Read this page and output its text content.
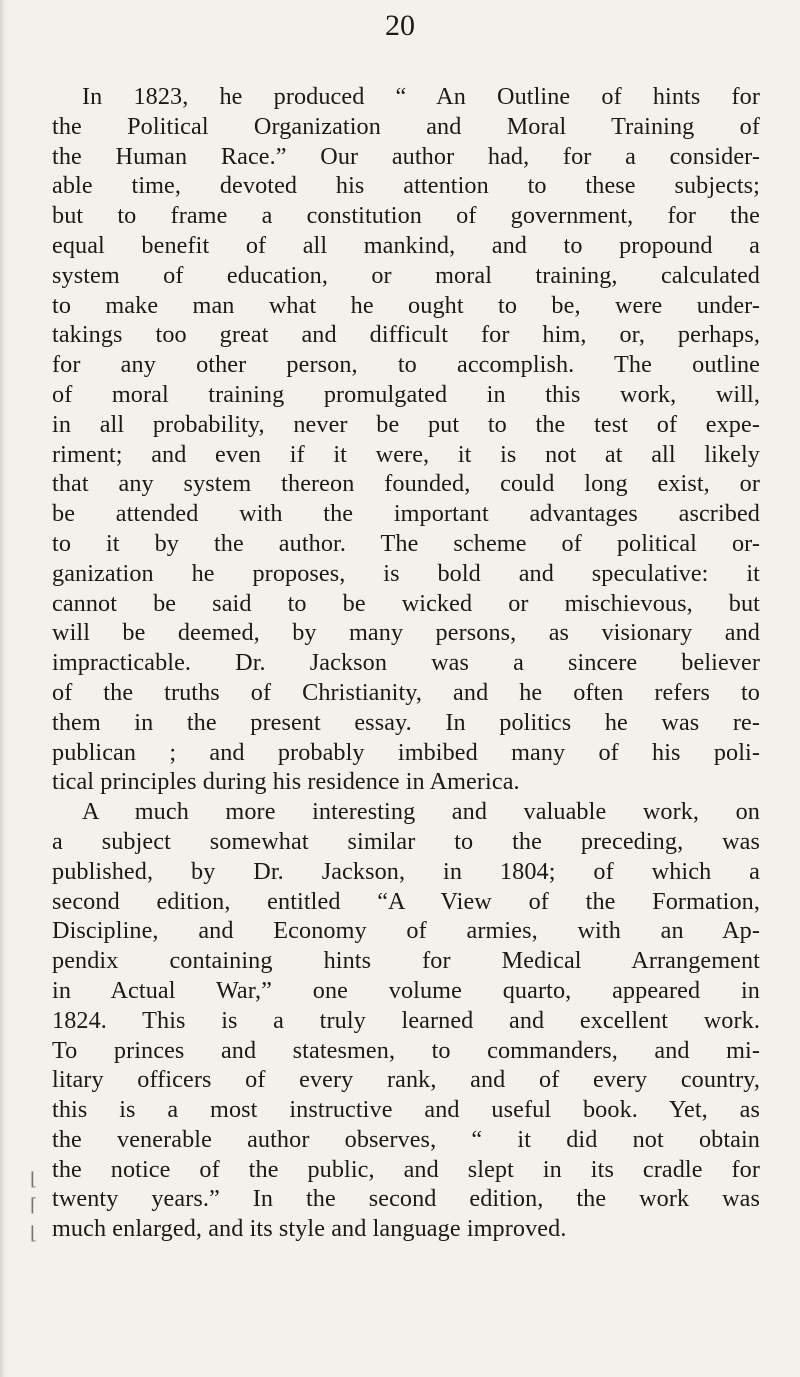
20
In 1823, he produced “ An Outline of hints for
the Political Organization and Moral Training of
the Human Race.” Our author had, for a consider-
able time, devoted his attention to these subjects;
but to frame a constitution of government, for the
equal benefit of all mankind, and to propound a
system of education, or moral training, calculated
to make man what he ought to be, were under-
takings too great and difficult for him, or, perhaps,
for any other person, to accomplish. The outline
of moral training promulgated in this work, will,
in all probability, never be put to the test of expe-
riment; and even if it were, it is not at all likely
that any system thereon founded, could long exist, or
be attended with the important advantages ascribed
to it by the author. The scheme of political or-
ganization he proposes, is bold and speculative: it
cannot be said to be wicked or mischievous, but
will be deemed, by many persons, as visionary and
impracticable. Dr. Jackson was a sincere believer
of the truths of Christianity, and he often refers to
them in the present essay. In politics he was re-
publican ; and probably imbibed many of his poli-
tical principles during his residence in America.
A much more interesting and valuable work, on
a subject somewhat similar to the preceding, was
published, by Dr. Jackson, in 1804; of which a
second edition, entitled “A View of the Formation,
Discipline, and Economy of armies, with an Ap-
pendix containing hints for Medical Arrangement
in Actual War,” one volume quarto, appeared in
1824. This is a truly learned and excellent work.
To princes and statesmen, to commanders, and mi-
litary officers of every rank, and of every country,
this is a most instructive and useful book. Yet, as
the venerable author observes, “ it did not obtain
the notice of the public, and slept in its cradle for
twenty years.” In the second edition, the work was
much enlarged, and its style and language improved.
⌊
⌈
⌊
